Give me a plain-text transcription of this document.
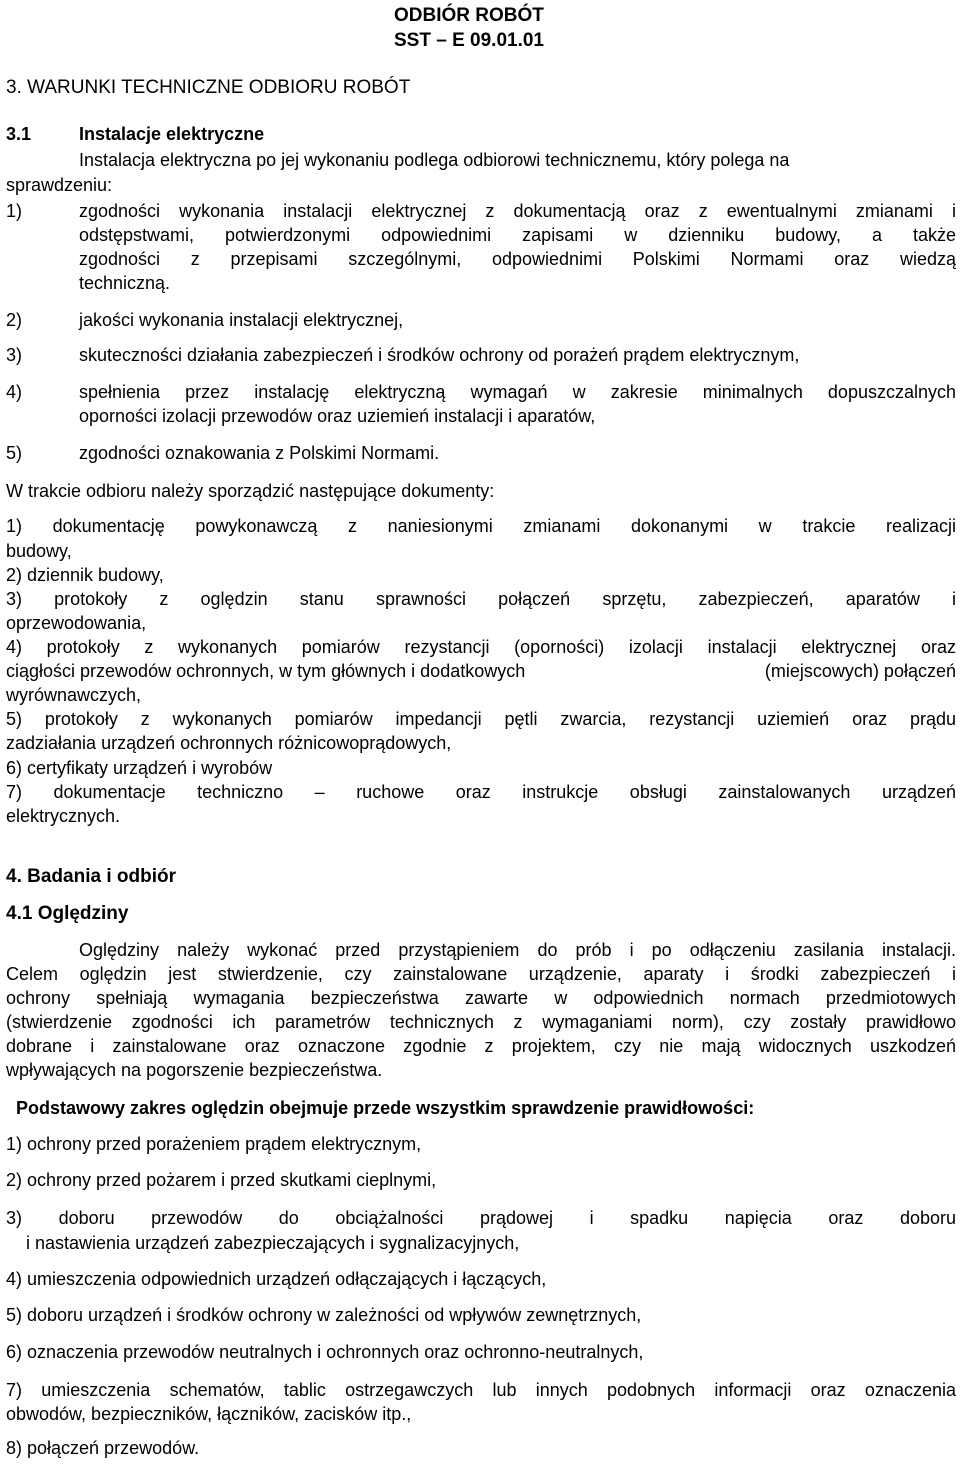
ODBIÓR ROBÓT
SST – E 09.01.01
3. WARUNKI TECHNICZNE ODBIORU ROBÓT
3.1	Instalacje elektryczne
Instalacja elektryczna po jej wykonaniu podlega odbiorowi technicznemu, który polega na
sprawdzeniu:
1)	zgodności wykonania instalacji elektrycznej z dokumentacją oraz z ewentualnymi zmianami i
odstępstwami, potwierdzonymi odpowiednimi zapisami w dzienniku budowy, a także
zgodności z przepisami szczególnymi, odpowiednimi Polskimi Normami oraz wiedzą
techniczną.
2)	jakości wykonania instalacji elektrycznej,
3)	skuteczności działania zabezpieczeń i środków ochrony od porażeń prądem elektrycznym,
4)	spełnienia przez instalację elektryczną wymagań w zakresie minimalnych dopuszczalnych
oporności izolacji przewodów oraz uziemień instalacji i aparatów,
5)	zgodności oznakowania z Polskimi Normami.
W trakcie odbioru należy sporządzić następujące dokumenty:
1) dokumentację powykonawczą z naniesionymi zmianami dokonanymi w trakcie realizacji
budowy,
2) dziennik budowy,
3) protokoły z oględzin stanu sprawności połączeń sprzętu, zabezpieczeń, aparatów i
oprzewodowania,
4) protokoły z wykonanych pomiarów rezystancji (oporności) izolacji instalacji elektrycznej oraz
ciągłości przewodów ochronnych, w tym głównych i dodatkowych	(miejscowych) połączeń
wyrównawczych,
5) protokoły z wykonanych pomiarów impedancji pętli zwarcia, rezystancji uziemień oraz prądu
zadziałania urządzeń ochronnych różnicowoprądowych,
6) certyfikaty urządzeń i wyrobów
7) dokumentacje techniczno – ruchowe oraz instrukcje obsługi zainstalowanych urządzeń
elektrycznych.
4. Badania i odbiór
4.1 Oględziny
Oględziny należy wykonać przed przystąpieniem do prób i po odłączeniu zasilania instalacji.
Celem oględzin jest stwierdzenie, czy zainstalowane urządzenie, aparaty i środki zabezpieczeń i
ochrony spełniają wymagania bezpieczeństwa zawarte w odpowiednich normach przedmiotowych
(stwierdzenie zgodności ich parametrów technicznych z wymaganiami norm), czy zostały prawidłowo
dobrane i zainstalowane oraz oznaczone zgodnie z projektem, czy nie mają widocznych uszkodzeń
wpływających na pogorszenie bezpieczeństwa.
Podstawowy zakres oględzin obejmuje przede wszystkim sprawdzenie prawidłowości:
1) ochrony przed porażeniem prądem elektrycznym,
2) ochrony przed pożarem i przed skutkami cieplnymi,
3) doboru przewodów do obciążalności prądowej i spadku napięcia oraz doboru
i nastawienia urządzeń zabezpieczających i sygnalizacyjnych,
4) umieszczenia odpowiednich urządzeń odłączających i łączących,
5) doboru urządzeń i środków ochrony w zależności od wpływów zewnętrznych,
6) oznaczenia przewodów neutralnych i ochronnych oraz ochronno-neutralnych,
7) umieszczenia schematów, tablic ostrzegawczych lub innych podobnych informacji oraz oznaczenia
obwodów, bezpieczników, łączników, zacisków itp.,
8) połączeń przewodów.
